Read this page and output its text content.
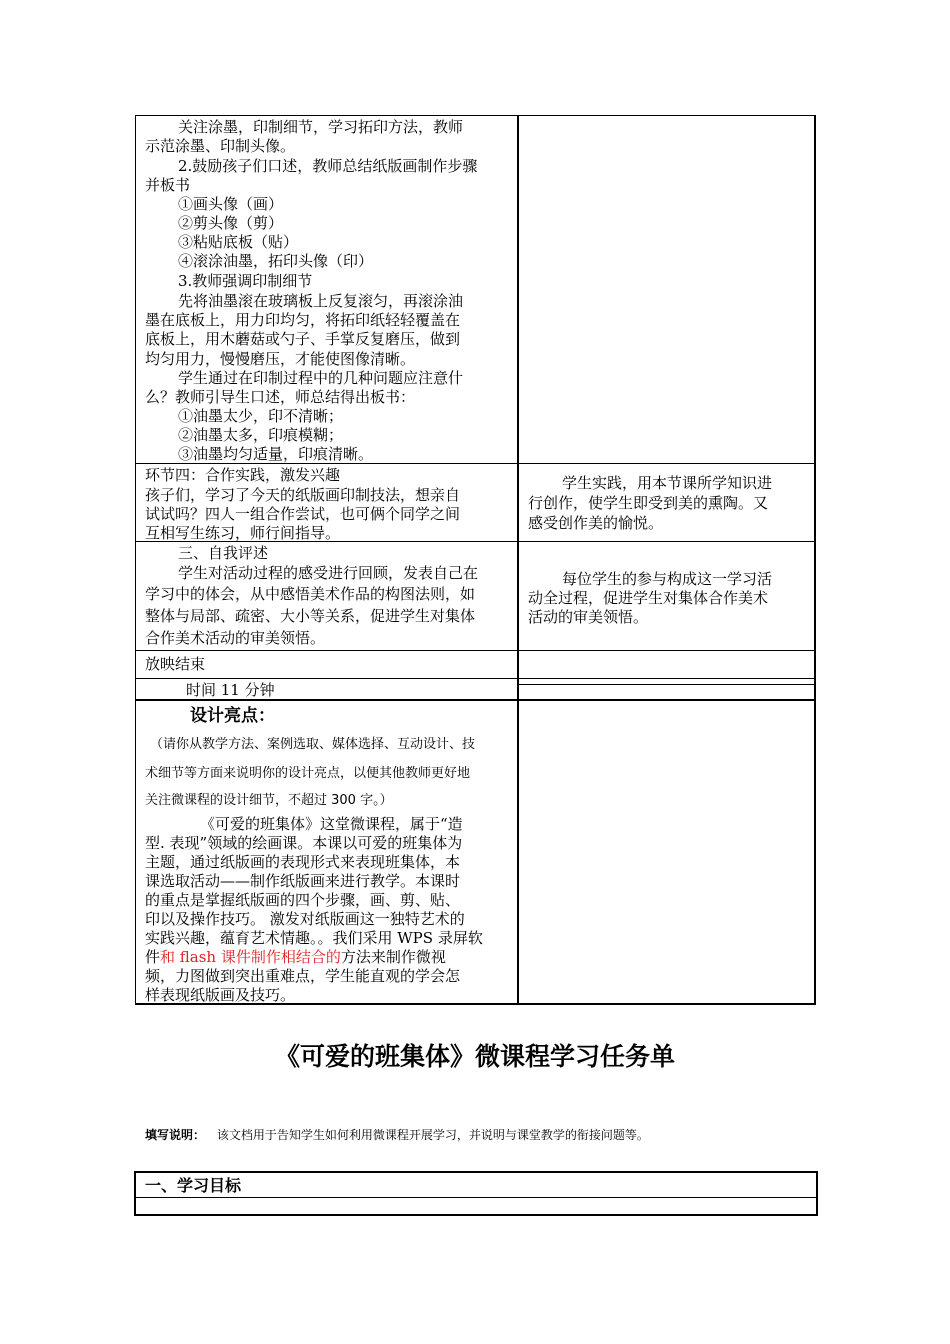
关注涂墨，印制细节，学习拓印方法，教师
示范涂墨、印制头像。
2.鼓励孩子们口述，教师总结纸版画制作步骤
并板书
①画头像（画）
②剪头像（剪）
③粘贴底板（贴）
④滚涂油墨，拓印头像（印）
3.教师强调印制细节
先将油墨滚在玻璃板上反复滚匀，再滚涂油
墨在底板上，用力印均匀，将拓印纸轻轻覆盖在
底板上，用木蘑菇或勺子、手掌反复磨压，做到
均匀用力，慢慢磨压，才能使图像清晰。
学生通过在印制过程中的几种问题应注意什
么？教师引导生口述，师总结得出板书：
①油墨太少，印不清晰；
②油墨太多，印痕模糊；
③油墨均匀适量，印痕清晰。
环节四：合作实践，激发兴趣
孩子们，学习了今天的纸版画印制技法，想亲自
试试吗？四人一组合作尝试，也可俩个同学之间
互相写生练习，师行间指导。
学生实践，用本节课所学知识进
行创作，使学生即受到美的熏陶。又
感受创作美的愉悦。
三、自我评述
学生对活动过程的感受进行回顾，发表自己在
学习中的体会，从中感悟美术作品的构图法则，如
整体与局部、疏密、大小等关系，促进学生对集体
合作美术活动的审美领悟。
每位学生的参与构成这一学习活
动全过程，促进学生对集体合作美术
活动的审美领悟。
放映结束
时间 11 分钟
设计亮点：
（请你从教学方法、案例选取、媒体选择、互动设计、技
术细节等方面来说明你的设计亮点，以便其他教师更好地
关注微课程的设计细节，不超过 300 字。）
《可爱的班集体》这堂微课程，属于“造
型. 表现”领域的绘画课。本课以可爱的班集体为
主题，通过纸版画的表现形式来表现班集体，本
课选取活动——制作纸版画来进行教学。本课时
的重点是掌握纸版画的四个步骤，画、剪、贴、
印以及操作技巧。 激发对纸版画这一独特艺术的
实践兴趣，蕴育艺术情趣。。我们采用 WPS 录屏软
件和 flash 课件制作相结合的方法来制作微视
频，力图做到突出重难点，学生能直观的学会怎
样表现纸版画及技巧。
《可爱的班集体》微课程学习任务单
填写说明： 该文档用于告知学生如何利用微课程开展学习，并说明与课堂教学的衔接问题等。
一、学习目标
